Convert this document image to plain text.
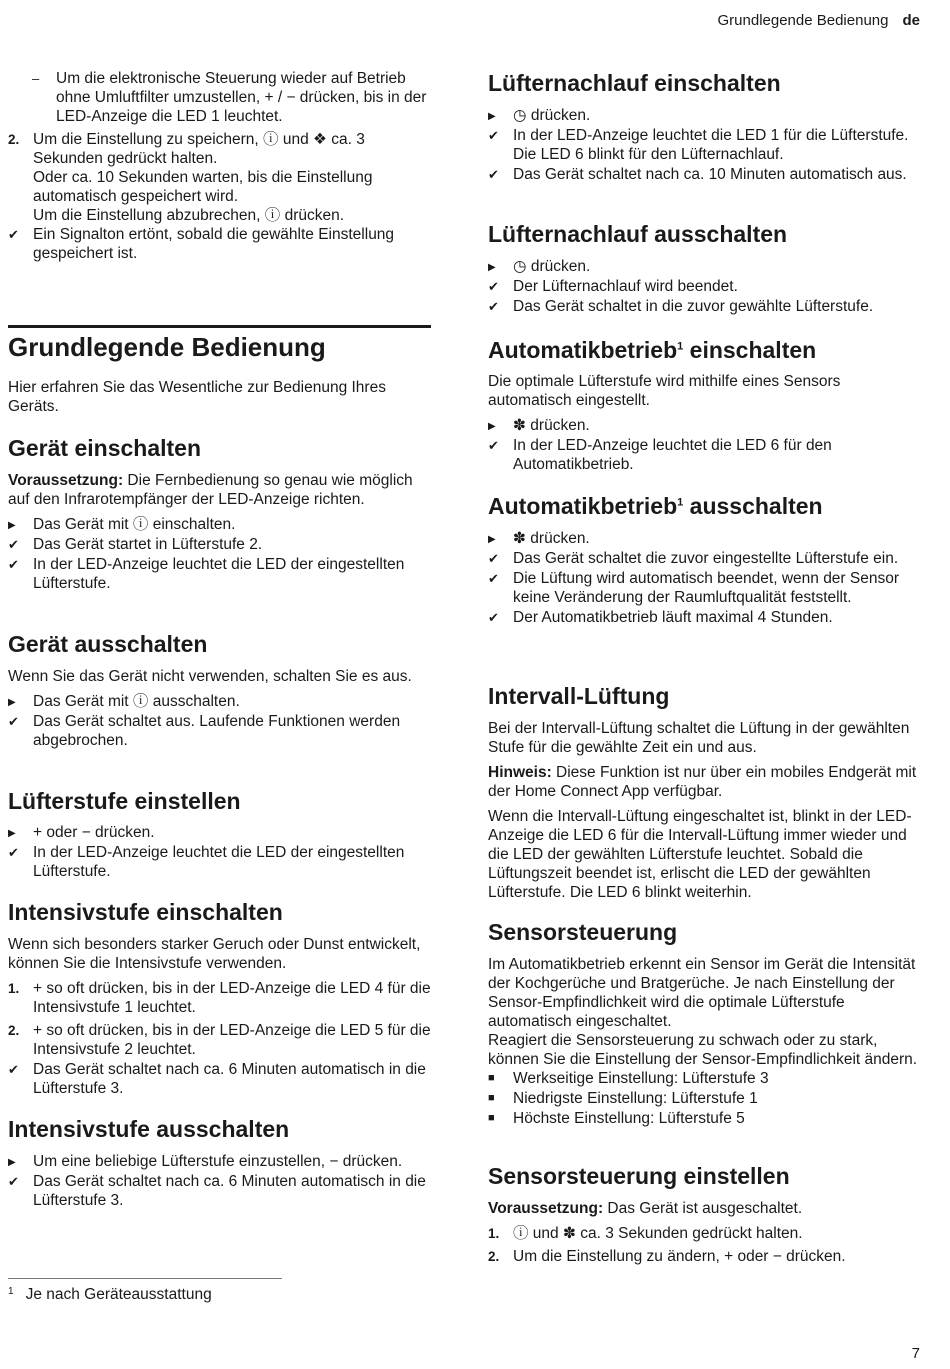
Grundlegende Bedienung de
–	Um die elektronische Steuerung wieder auf Betrieb ohne Umluftfilter umzustellen, + / − drücken, bis in der LED-Anzeige die LED 1 leuchtet.
2. Um die Einstellung zu speichern, ⓘ und ❖ ca. 3 Sekunden gedrückt halten.
Oder ca. 10 Sekunden warten, bis die Einstellung automatisch gespeichert wird.
Um die Einstellung abzubrechen, ⓘ drücken.
✔ Ein Signalton ertönt, sobald die gewählte Einstellung gespeichert ist.
Grundlegende Bedienung

Hier erfahren Sie das Wesentliche zur Bedienung Ihres Geräts.

Gerät einschalten

Voraussetzung: Die Fernbedienung so genau wie möglich auf den Infrarotempfänger der LED-Anzeige richten.

▶	Das Gerät mit ⓘ einschalten.
✔ Das Gerät startet in Lüfterstufe 2.
✔ In der LED-Anzeige leuchtet die LED der eingestellten Lüfterstufe.
Gerät ausschalten

Wenn Sie das Gerät nicht verwenden, schalten Sie es aus.

▶	Das Gerät mit ⓘ ausschalten.
✔ Das Gerät schaltet aus. Laufende Funktionen werden abgebrochen.
Lüfterstufe einstellen
▶	+ oder − drücken.
✔ In der LED-Anzeige leuchtet die LED der eingestellten Lüfterstufe.
Intensivstufe einschalten

Wenn sich besonders starker Geruch oder Dunst entwickelt, können Sie die Intensivstufe verwenden.

1. + so oft drücken, bis in der LED-Anzeige die LED 4 für die Intensivstufe 1 leuchtet.
2. + so oft drücken, bis in der LED-Anzeige die LED 5 für die Intensivstufe 2 leuchtet.
✔ Das Gerät schaltet nach ca. 6 Minuten automatisch in die Lüfterstufe 3.
Intensivstufe ausschalten
▶	Um eine beliebige Lüfterstufe einzustellen, − drücken.
✔ Das Gerät schaltet nach ca. 6 Minuten automatisch in die Lüfterstufe 3.
$^1$ Je nach Geräteausstattung
Lüfternachlauf einschalten
▶	◷ drücken.
✔ In der LED-Anzeige leuchtet die LED 1 für die Lüfterstufe. Die LED 6 blinkt für den Lüfternachlauf.
✔ Das Gerät schaltet nach ca. 10 Minuten automatisch aus.
Lüfternachlauf ausschalten
▶	◷ drücken.
✔ Der Lüfternachlauf wird beendet.
✔ Das Gerät schaltet in die zuvor gewählte Lüfterstufe.
Automatikbetrieb$^1$ einschalten

Die optimale Lüfterstufe wird mithilfe eines Sensors automatisch eingestellt.

▶	✽ drücken.
✔ In der LED-Anzeige leuchtet die LED 6 für den Automatikbetrieb.
Automatikbetrieb$^1$ ausschalten
▶	✽ drücken.
✔ Das Gerät schaltet die zuvor eingestellte Lüfterstufe ein.
✔ Die Lüftung wird automatisch beendet, wenn der Sensor keine Veränderung der Raumluftqualität feststellt.
✔ Der Automatikbetrieb läuft maximal 4 Stunden.
Intervall-Lüftung

Bei der Intervall-Lüftung schaltet die Lüftung in der gewählten Stufe für die gewählte Zeit ein und aus.

Hinweis: Diese Funktion ist nur über ein mobiles Endgerät mit der Home Connect App verfügbar.

Wenn die Intervall-Lüftung eingeschaltet ist, blinkt in der LED-Anzeige die LED 6 für die Intervall-Lüftung immer wieder und die LED der gewählten Lüfterstufe leuchtet. Sobald die Lüftungszeit beendet ist, erlischt die LED der gewählten Lüfterstufe. Die LED 6 blinkt weiterhin.

Sensorsteuerung

Im Automatikbetrieb erkennt ein Sensor im Gerät die Intensität der Kochgerüche und Bratgerüche. Je nach Einstellung der Sensor-Empfindlichkeit wird die optimale Lüfterstufe automatisch eingeschaltet.

Reagiert die Sensorsteuerung zu schwach oder zu stark, können Sie die Einstellung der Sensor-Empfindlichkeit ändern.

■	Werkseitige Einstellung: Lüfterstufe 3
■	Niedrigste Einstellung: Lüfterstufe 1
■	Höchste Einstellung: Lüfterstufe 5
Sensorsteuerung einstellen

Voraussetzung: Das Gerät ist ausgeschaltet.

1. ⓘ und ✽ ca. 3 Sekunden gedrückt halten.
2. Um die Einstellung zu ändern, + oder − drücken.
7
